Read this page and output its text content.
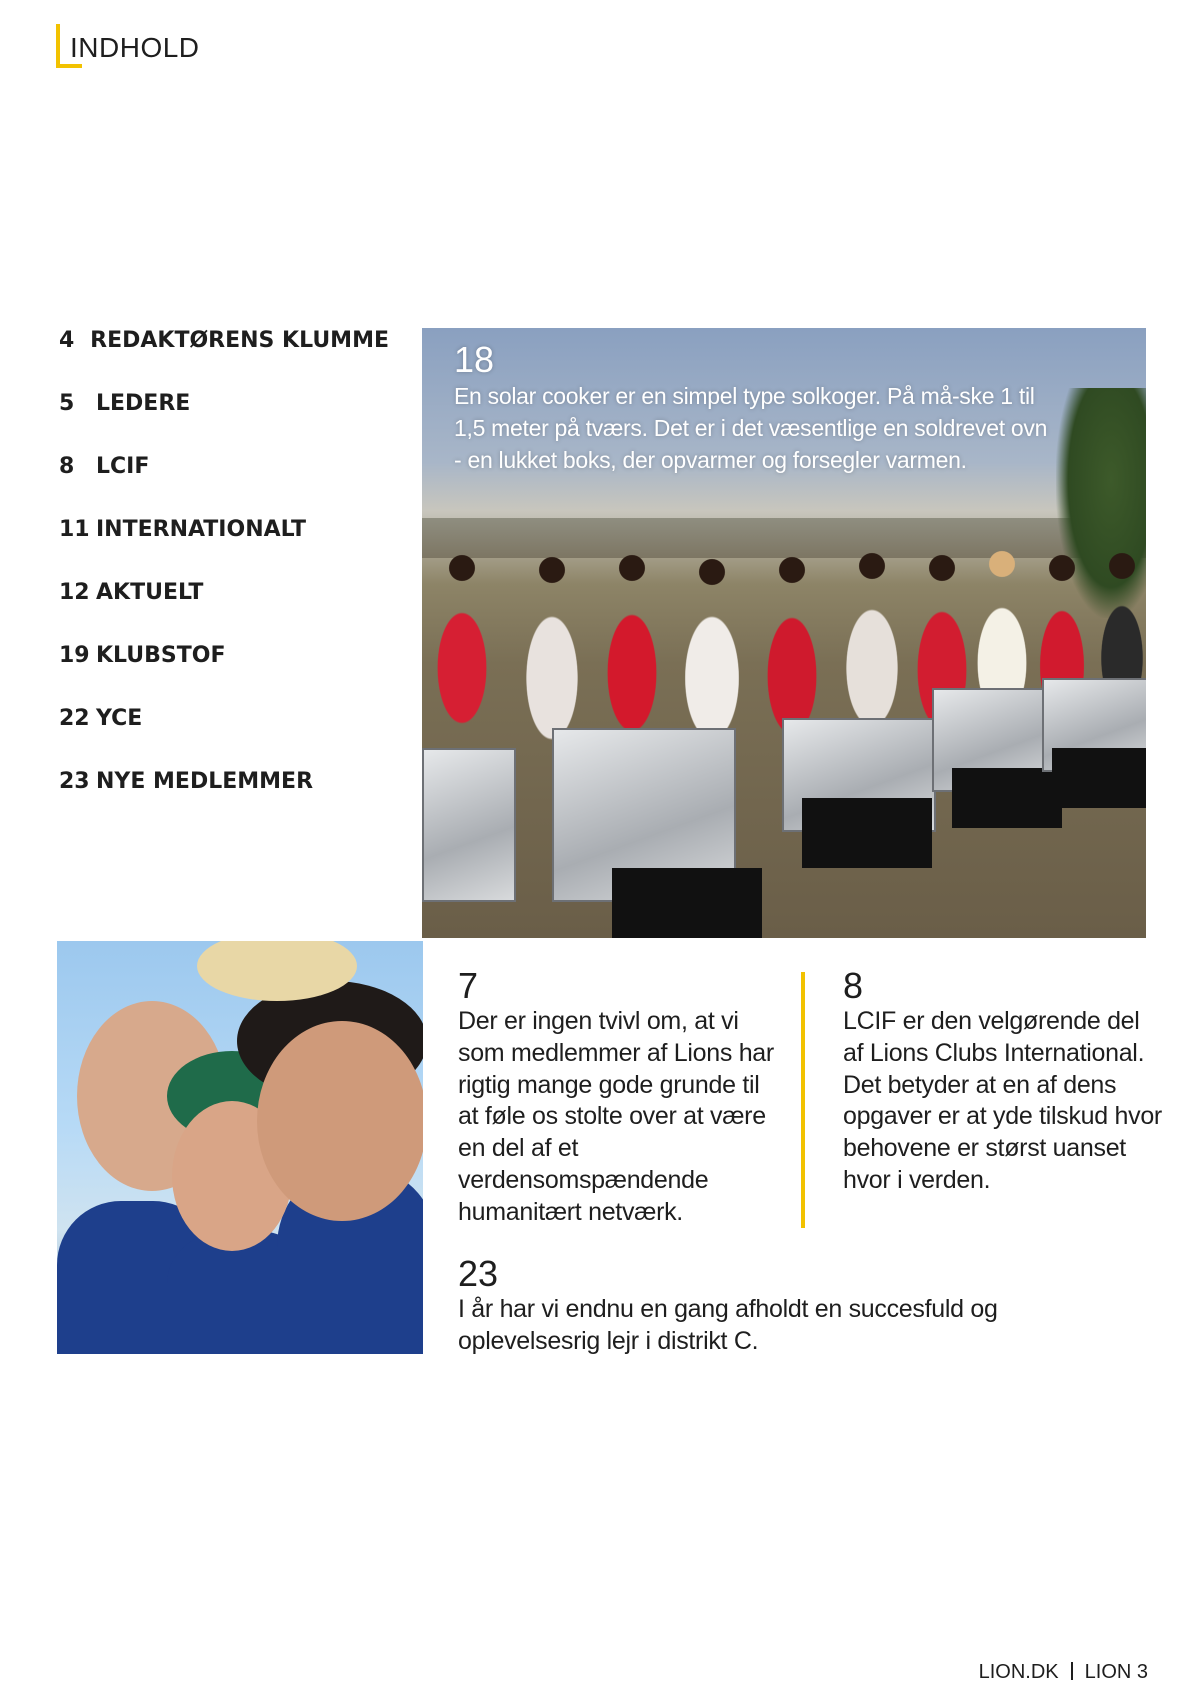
INDHOLD
4 REDAKTØRENS KLUMME
5 LEDERE
8 LCIF
11 INTERNATIONALT
12 AKTUELT
19 KLUBSTOF
22 YCE
23 NYE MEDLEMMER

18

En solar cooker er en simpel type solkoger. På må-ske 1 til 1,5 meter på tværs. Det er i det væsentlige en soldrevet ovn - en lukket boks, der opvarmer og forsegler varmen.

7

Der er ingen tvivl om, at vi som medlemmer af Lions har rigtig mange gode grunde til at føle os stolte over at være en del af et verdensomspændende humanitært netværk.

8

LCIF er den velgørende del af Lions Clubs International. Det betyder at en af dens opgaver er at yde tilskud hvor behovene er størst uanset hvor i verden.

23

I år har vi endnu en gang afholdt en succesfuld og oplevelsesrig lejr i distrikt C.

LION.DK LION 3
